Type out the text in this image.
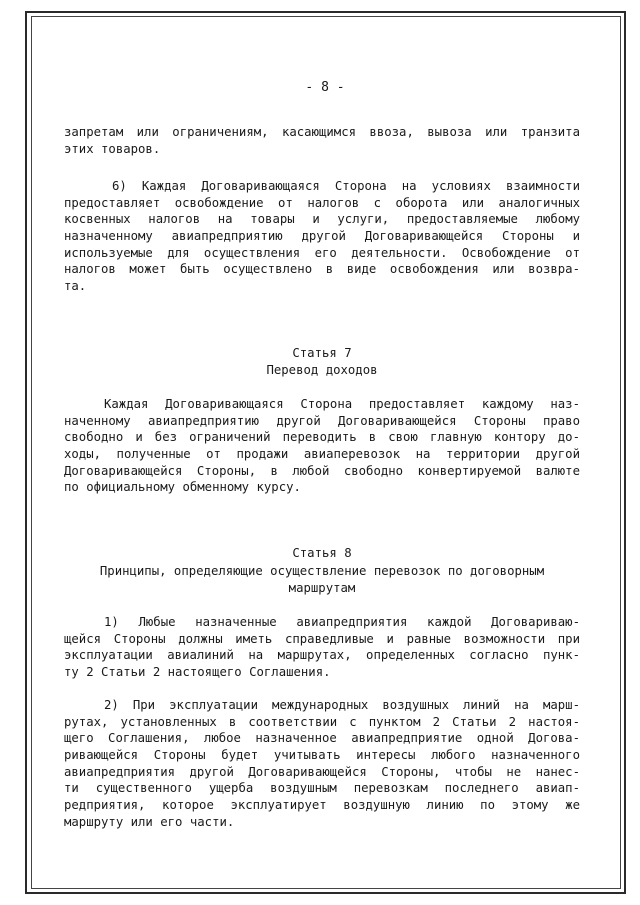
- 8 -
запретам или ограничениям, касающимся ввоза, вывоза или транзита
этих товаров.
6) Каждая Договаривающаяся Сторона на условиях взаимности
предоставляет освобождение от налогов с оборота или аналогичных
косвенных налогов на товары и услуги, предоставляемые любому
назначенному авиапредприятию другой Договаривающейся Стороны и
используемые для осуществления его деятельности. Освобождение от
налогов может быть осуществлено в виде освобождения или возвра-
та.
Статья 7
Перевод доходов
Каждая Договаривающаяся Сторона предоставляет каждому наз-
наченному авиапредприятию другой Договаривающейся Стороны право
свободно и без ограничений переводить в свою главную контору до-
ходы, полученные от продажи авиаперевозок на территории другой
Договаривающейся Стороны, в любой свободно конвертируемой валюте
по официальному обменному курсу.
Статья 8
Принципы, определяющие осуществление перевозок по договорным
маршрутам
1) Любые назначенные авиапредприятия каждой Договариваю-
щейся Стороны должны иметь справедливые и равные возможности при
эксплуатации авиалиний на маршрутах, определенных согласно пунк-
ту 2 Статьи 2 настоящего Соглашения.
2) При эксплуатации международных воздушных линий на марш-
рутах, установленных в соответствии с пунктом 2 Статьи 2 настоя-
щего Соглашения, любое назначенное авиапредприятие одной Догова-
ривающейся Стороны будет учитывать интересы любого назначенного
авиапредприятия другой Договаривающейся Стороны, чтобы не нанес-
ти существенного ущерба воздушным перевозкам последнего авиап-
редприятия, которое эксплуатирует воздушную линию по этому же
маршруту или его части.
